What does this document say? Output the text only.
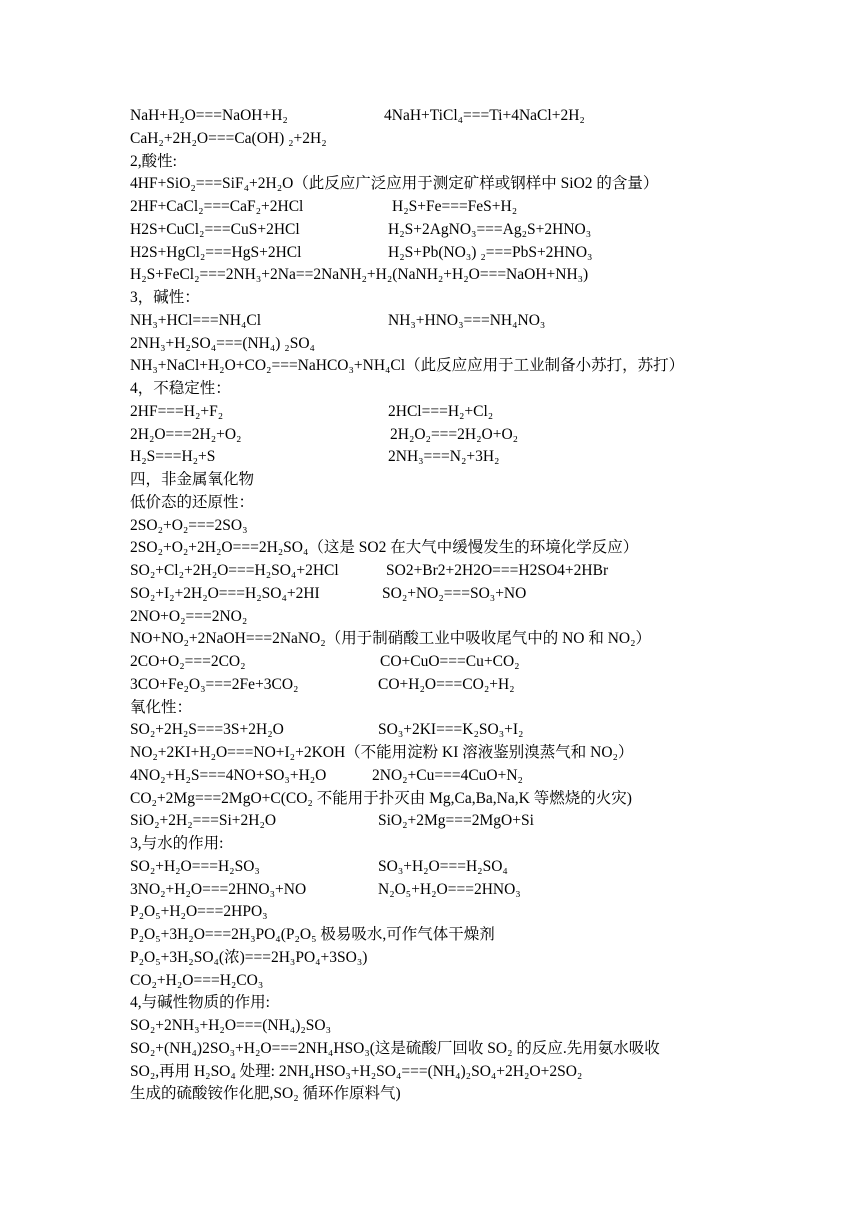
NaH+H₂O===NaOH+H₂	4NaH+TiCl₄===Ti+4NaCl+2H₂
CaH₂+2H₂O===Ca(OH) ₂+2H₂
2,酸性:
4HF+SiO₂===SiF₄+2H₂O（此反应广泛应用于测定矿样或钢样中 SiO2 的含量）
2HF+CaCl₂===CaF₂+2HCl	H₂S+Fe===FeS+H₂
H2S+CuCl₂===CuS+2HCl	H₂S+2AgNO₃===Ag₂S+2HNO₃
H2S+HgCl₂===HgS+2HCl	H₂S+Pb(NO₃) ₂===PbS+2HNO₃
H₂S+FeCl₂===2NH₃+2Na==2NaNH₂+H₂(NaNH₂+H₂O===NaOH+NH₃)
3，碱性：
NH₃+HCl===NH₄Cl	NH₃+HNO₃===NH₄NO₃
2NH₃+H₂SO₄===(NH₄) ₂SO₄
NH₃+NaCl+H₂O+CO₂===NaHCO₃+NH₄Cl（此反应应用于工业制备小苏打，苏打）
4，不稳定性：
2HF===H₂+F₂	2HCl===H₂+Cl₂
2H₂O===2H₂+O₂	2H₂O₂===2H₂O+O₂
H₂S===H₂+S	2NH₃===N₂+3H₂
四，非金属氧化物
低价态的还原性：
2SO₂+O₂===2SO₃
2SO₂+O₂+2H₂O===2H₂SO₄（这是 SO2 在大气中缓慢发生的环境化学反应）
SO₂+Cl₂+2H₂O===H₂SO₄+2HCl	SO2+Br2+2H2O===H2SO4+2HBr
SO₂+I₂+2H₂O===H₂SO₄+2HI	SO₂+NO₂===SO₃+NO
2NO+O₂===2NO₂
NO+NO₂+2NaOH===2NaNO₂（用于制硝酸工业中吸收尾气中的 NO 和 NO₂）
2CO+O₂===2CO₂	CO+CuO===Cu+CO₂
3CO+Fe₂O₃===2Fe+3CO₂	CO+H₂O===CO₂+H₂
氧化性：
SO₂+2H₂S===3S+2H₂O	SO₃+2KI===K₂SO₃+I₂
NO₂+2KI+H₂O===NO+I₂+2KOH（不能用淀粉 KI 溶液鉴别溴蒸气和 NO₂）
4NO₂+H₂S===4NO+SO₃+H₂O	2NO₂+Cu===4CuO+N₂
CO₂+2Mg===2MgO+C(CO₂ 不能用于扑灭由 Mg,Ca,Ba,Na,K 等燃烧的火灾)
SiO₂+2H₂===Si+2H₂O	SiO₂+2Mg===2MgO+Si
3,与水的作用:
SO₂+H₂O===H₂SO₃	SO₃+H₂O===H₂SO₄
3NO₂+H₂O===2HNO₃+NO	N₂O₅+H₂O===2HNO₃
P₂O₅+H₂O===2HPO₃
P₂O₅+3H₂O===2H₃PO₄(P₂O₅ 极易吸水,可作气体干燥剂
P₂O₅+3H₂SO₄(浓)===2H₃PO₄+3SO₃)
CO₂+H₂O===H₂CO₃
4,与碱性物质的作用:
SO₂+2NH₃+H₂O===(NH₄)₂SO₃
SO₂+(NH₄)2SO₃+H₂O===2NH₄HSO₃(这是硫酸厂回收 SO₂ 的反应.先用氨水吸收
SO₂,再用 H₂SO₄ 处理: 2NH₄HSO₃+H₂SO₄===(NH₄)₂SO₄+2H₂O+2SO₂
生成的硫酸铵作化肥,SO₂ 循环作原料气)
